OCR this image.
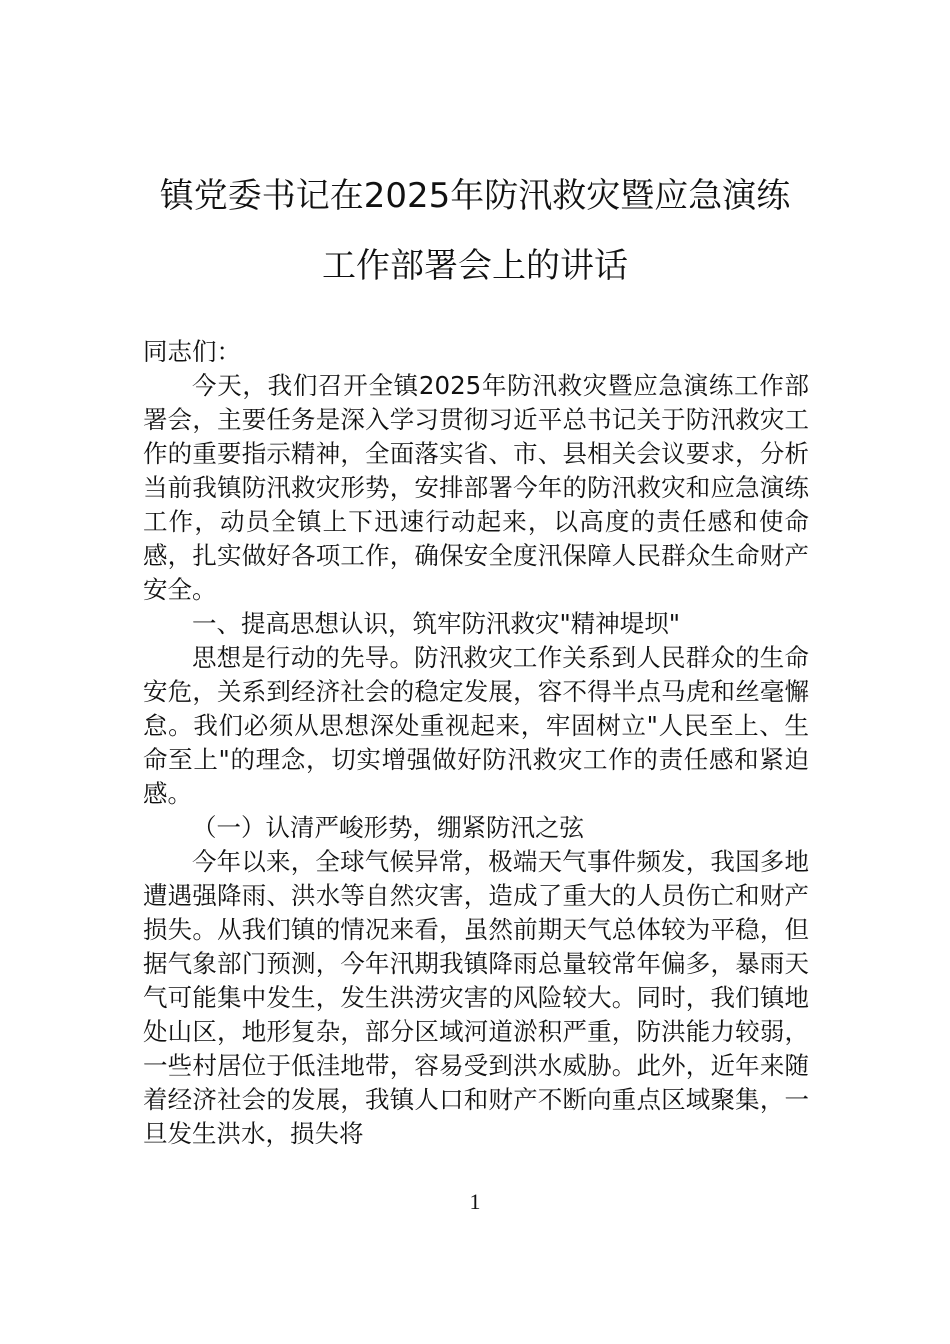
镇党委书记在2025年防汛救灾暨应急演练
工作部署会上的讲话

同志们：

今天，我们召开全镇2025年防汛救灾暨应急演练工作部署会，主要任务是深入学习贯彻习近平总书记关于防汛救灾工作的重要指示精神，全面落实省、市、县相关会议要求，分析当前我镇防汛救灾形势，安排部署今年的防汛救灾和应急演练工作，动员全镇上下迅速行动起来，以高度的责任感和使命感，扎实做好各项工作，确保安全度汛保障人民群众生命财产安全。

一、提高思想认识，筑牢防汛救灾"精神堤坝"

思想是行动的先导。防汛救灾工作关系到人民群众的生命安危，关系到经济社会的稳定发展，容不得半点马虎和丝毫懈怠。我们必须从思想深处重视起来，牢固树立"人民至上、生命至上"的理念，切实增强做好防汛救灾工作的责任感和紧迫感。

（一）认清严峻形势，绷紧防汛之弦

今年以来，全球气候异常，极端天气事件频发，我国多地遭遇强降雨、洪水等自然灾害，造成了重大的人员伤亡和财产损失。从我们镇的情况来看，虽然前期天气总体较为平稳，但据气象部门预测，今年汛期我镇降雨总量较常年偏多，暴雨天气可能集中发生，发生洪涝灾害的风险较大。同时，我们镇地处山区，地形复杂，部分区域河道淤积严重，防洪能力较弱，一些村居位于低洼地带，容易受到洪水威胁。此外，近年来随着经济社会的发展，我镇人口和财产不断向重点区域聚集，一旦发生洪水，损失将

1
